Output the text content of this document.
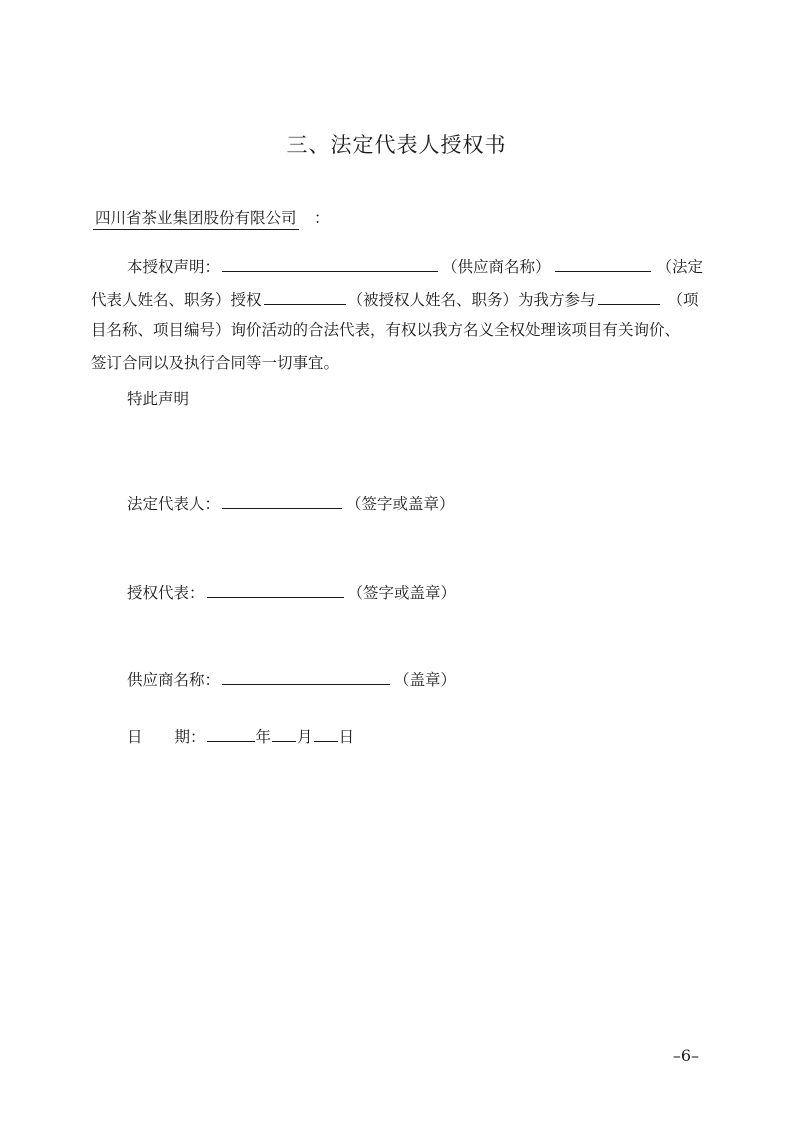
三、法定代表人授权书
四川省茶业集团股份有限公司 ：
本授权声明：	（供应商名称）	（法定
代表人姓名、职务）授权	（被授权人姓名、职务）为我方参与	（项
目名称、项目编号）询价活动的合法代表，有权以我方名义全权处理该项目有关询价、
签订合同以及执行合同等一切事宜。
特此声明
法定代表人：	（签字或盖章）
授权代表：	（签字或盖章）
供应商名称：	（盖章）
日 期：	年 月 日
–6–
